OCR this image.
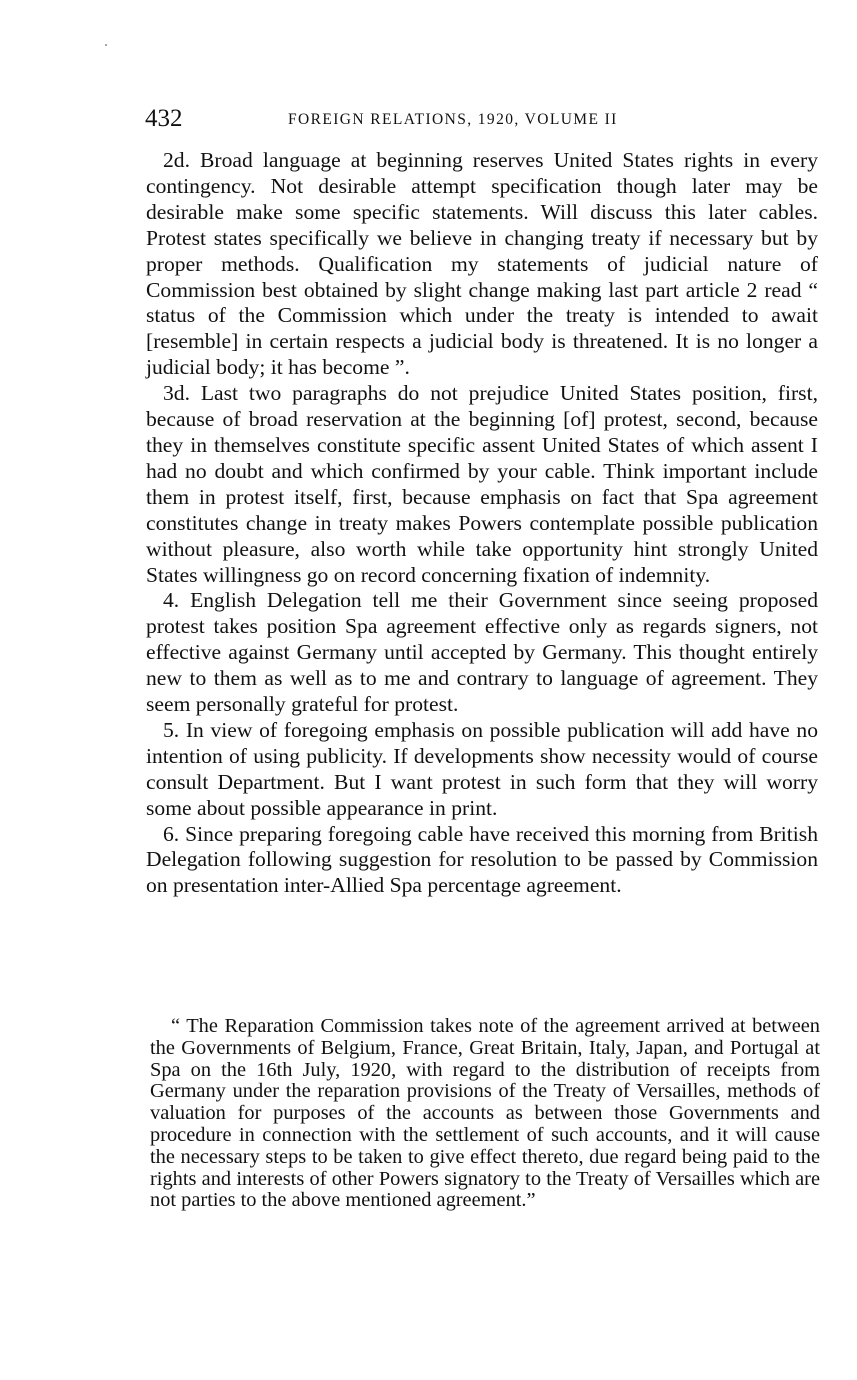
432	FOREIGN RELATIONS, 1920, VOLUME II

2d. Broad language at beginning reserves United States rights in every contingency. Not desirable attempt specification though later may be desirable make some specific statements. Will discuss this later cables. Protest states specifically we believe in changing treaty if necessary but by proper methods. Qualification my statements of judicial nature of Commission best obtained by slight change making last part article 2 read “ status of the Commission which under the treaty is intended to await [resemble] in certain respects a judicial body is threatened. It is no longer a judicial body; it has become ”.

3d. Last two paragraphs do not prejudice United States position, first, because of broad reservation at the beginning [of] protest, second, because they in themselves constitute specific assent United States of which assent I had no doubt and which confirmed by your cable. Think important include them in protest itself, first, because emphasis on fact that Spa agreement constitutes change in treaty makes Powers contemplate possible publication without pleasure, also worth while take opportunity hint strongly United States willingness go on record concerning fixation of indemnity.

4. English Delegation tell me their Government since seeing proposed protest takes position Spa agreement effective only as regards signers, not effective against Germany until accepted by Germany. This thought entirely new to them as well as to me and contrary to language of agreement. They seem personally grateful for protest.

5. In view of foregoing emphasis on possible publication will add have no intention of using publicity. If developments show necessity would of course consult Department. But I want protest in such form that they will worry some about possible appearance in print.

6. Since preparing foregoing cable have received this morning from British Delegation following suggestion for resolution to be passed by Commission on presentation inter-Allied Spa percentage agreement.

“ The Reparation Commission takes note of the agreement arrived at between the Governments of Belgium, France, Great Britain, Italy, Japan, and Portugal at Spa on the 16th July, 1920, with regard to the distribution of receipts from Germany under the reparation provisions of the Treaty of Versailles, methods of valuation for purposes of the accounts as between those Governments and procedure in connection with the settlement of such accounts, and it will cause the necessary steps to be taken to give effect thereto, due regard being paid to the rights and interests of other Powers signatory to the Treaty of Versailles which are not parties to the above mentioned agreement.”
